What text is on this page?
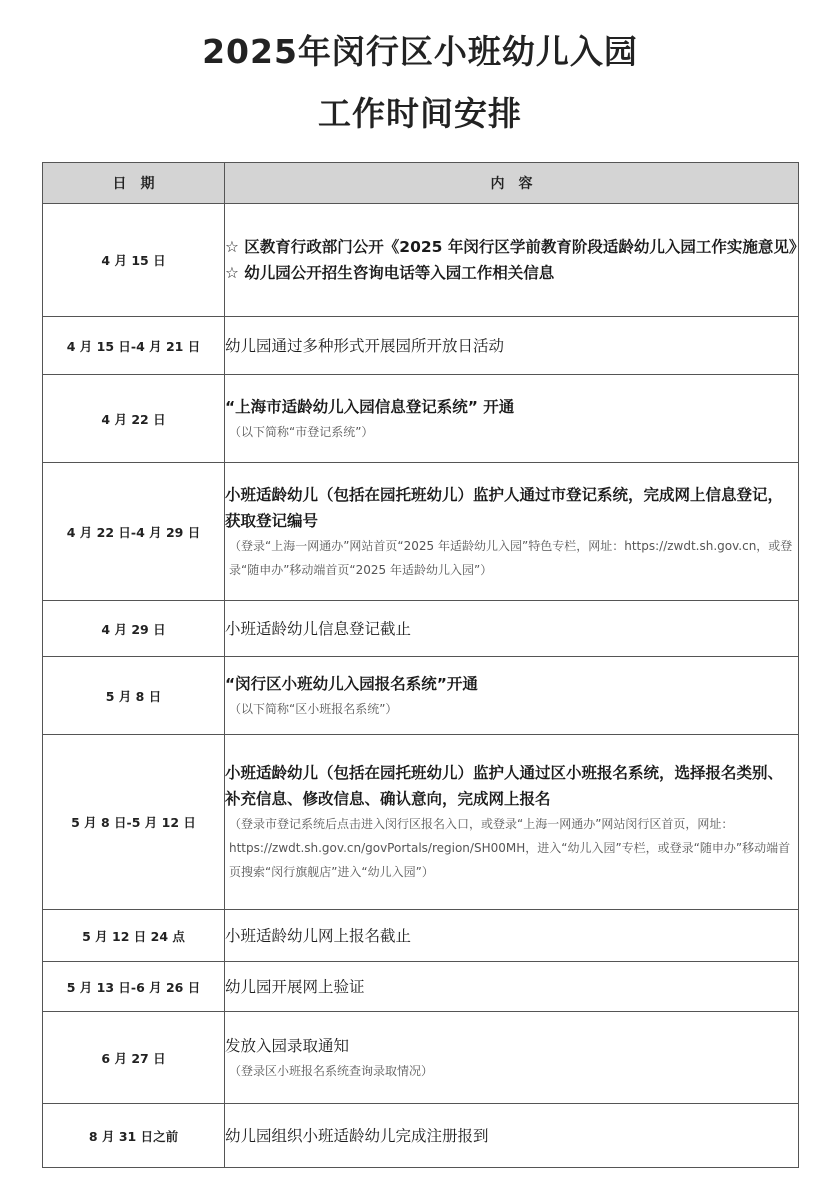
2025年闵行区小班幼儿入园
工作时间安排
日期	内容
4 月 15 日	☆ 区教育行政部门公开《2025 年闵行区学前教育阶段适龄幼儿入园工作实施意见》
☆ 幼儿园公开招生咨询电话等入园工作相关信息

4 月 15 日-4 月 21 日	幼儿园通过多种形式开展园所开放日活动

4 月 22 日	“上海市适龄幼儿入园信息登记系统” 开通
（以下简称“市登记系统”）

4 月 22 日-4 月 29 日	小班适龄幼儿（包括在园托班幼儿）监护人通过市登记系统，完成网上信息登记，获取登记编号
（登录“上海一网通办”网站首页“2025 年适龄幼儿入园”特色专栏，网址：https://zwdt.sh.gov.cn，或登录“随申办”移动端首页“2025 年适龄幼儿入园”）

4 月 29 日	小班适龄幼儿信息登记截止

5 月 8 日	“闵行区小班幼儿入园报名系统”开通
（以下简称“区小班报名系统”）

5 月 8 日-5 月 12 日	小班适龄幼儿（包括在园托班幼儿）监护人通过区小班报名系统，选择报名类别、补充信息、修改信息、确认意向，完成网上报名
（登录市登记系统后点击进入闵行区报名入口，或登录“上海一网通办”网站闵行区首页，网址：https://zwdt.sh.gov.cn/govPortals/region/SH00MH，进入“幼儿入园”专栏，或登录“随申办”移动端首页搜索“闵行旗舰店”进入“幼儿入园”）

5 月 12 日 24 点	小班适龄幼儿网上报名截止

5 月 13 日-6 月 26 日	幼儿园开展网上验证

6 月 27 日	发放入园录取通知
（登录区小班报名系统查询录取情况）

8 月 31 日之前	幼儿园组织小班适龄幼儿完成注册报到
